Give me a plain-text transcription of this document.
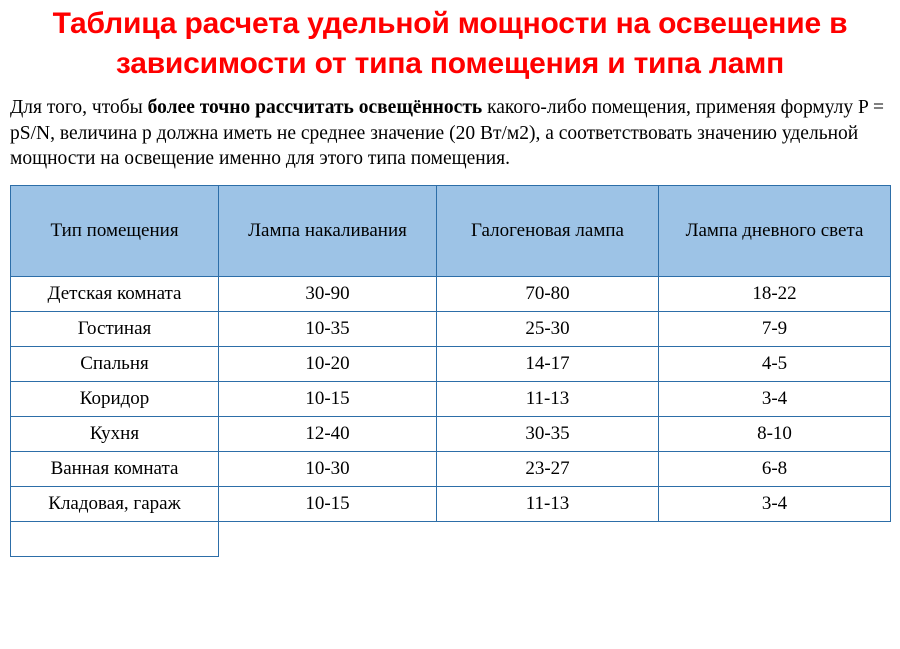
Таблица расчета удельной мощности на освещение в зависимости от типа помещения и типа ламп

Для того, чтобы более точно рассчитать освещённость какого-либо помещения, применяя формулу P = pS/N, величина p должна иметь не среднее значение (20 Вт/м2), а соответствовать значению удельной мощности на освещение именно для этого типа помещения.

Тип помещения	Лампа накаливания	Галогеновая лампа	Лампа дневного света
Детская комната	30-90	70-80	18-22
Гостиная	10-35	25-30	7-9
Спальня	10-20	14-17	4-5
Коридор	10-15	11-13	3-4
Кухня	12-40	30-35	8-10
Ванная комната	10-30	23-27	6-8
Кладовая, гараж	10-15	11-13	3-4
